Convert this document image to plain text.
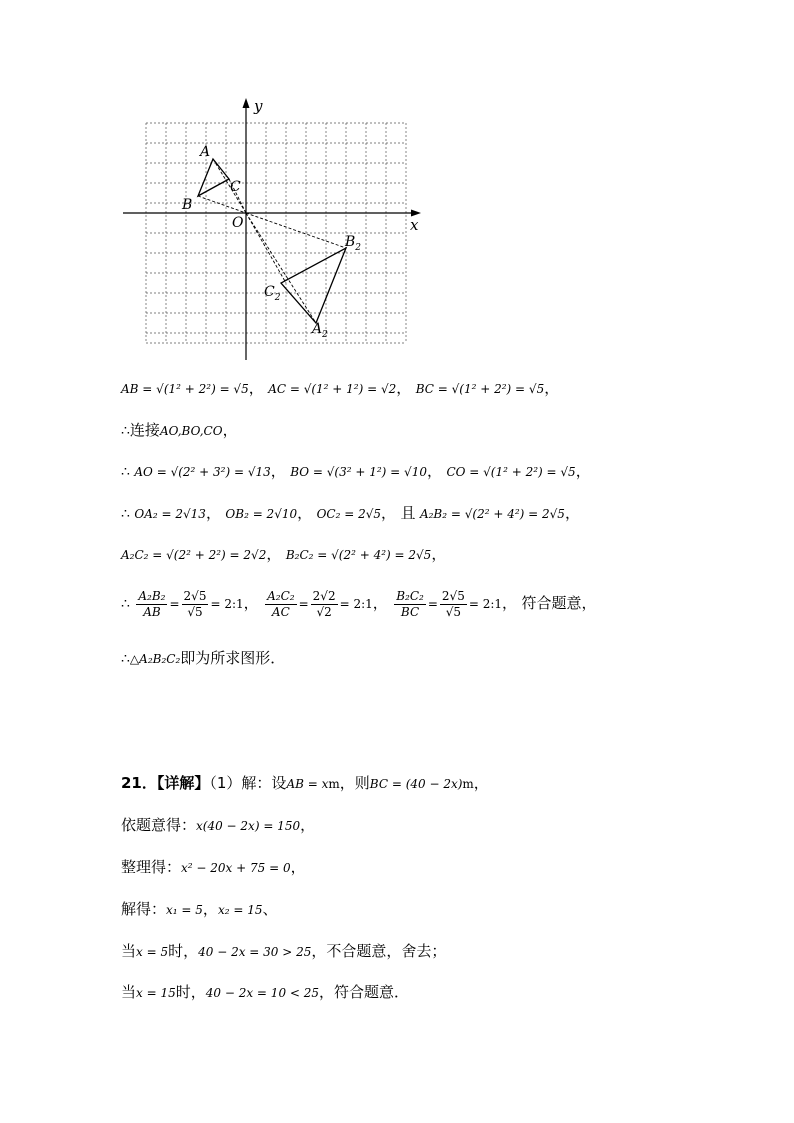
x
y
A
B
C
O
$B_2$
$C_2$
$A_2$
AB = √(1² + 2²) = √5， AC = √(1² + 1²) = √2， BC = √(1² + 2²) = √5，
∴连接AO,BO,CO，
∴ AO = √(2² + 3²) = √13， BO = √(3² + 1²) = √10， CO = √(1² + 2²) = √5，
∴ OA₂ = 2√13， OB₂ = 2√10， OC₂ = 2√5， 且 A₂B₂ = √(2² + 4²) = 2√5，
A₂C₂ = √(2² + 2²) = 2√2， B₂C₂ = √(2² + 4²) = 2√5，
∴ $\frac{\text{A₂B₂}}{AB} = \frac{2√5}{√5}$ = 2:1， $\frac{\text{A₂C₂}}{AC} = \frac{2√2}{√2}$ = 2:1， $\frac{\text{B₂C₂}}{BC} = \frac{2√5}{√5}$ = 2:1， 符合题意，
∴△A₂B₂C₂即为所求图形．
21．【详解】（1）解：设AB = xm，则BC = (40 − 2x)m，
依题意得：x(40 − 2x) = 150，
整理得：x² − 20x + 75 = 0，
解得：x₁ = 5，x₂ = 15、
当x = 5时，40 − 2x = 30 > 25，不合题意，舍去；
当x = 15时，40 − 2x = 10 < 25，符合题意．
